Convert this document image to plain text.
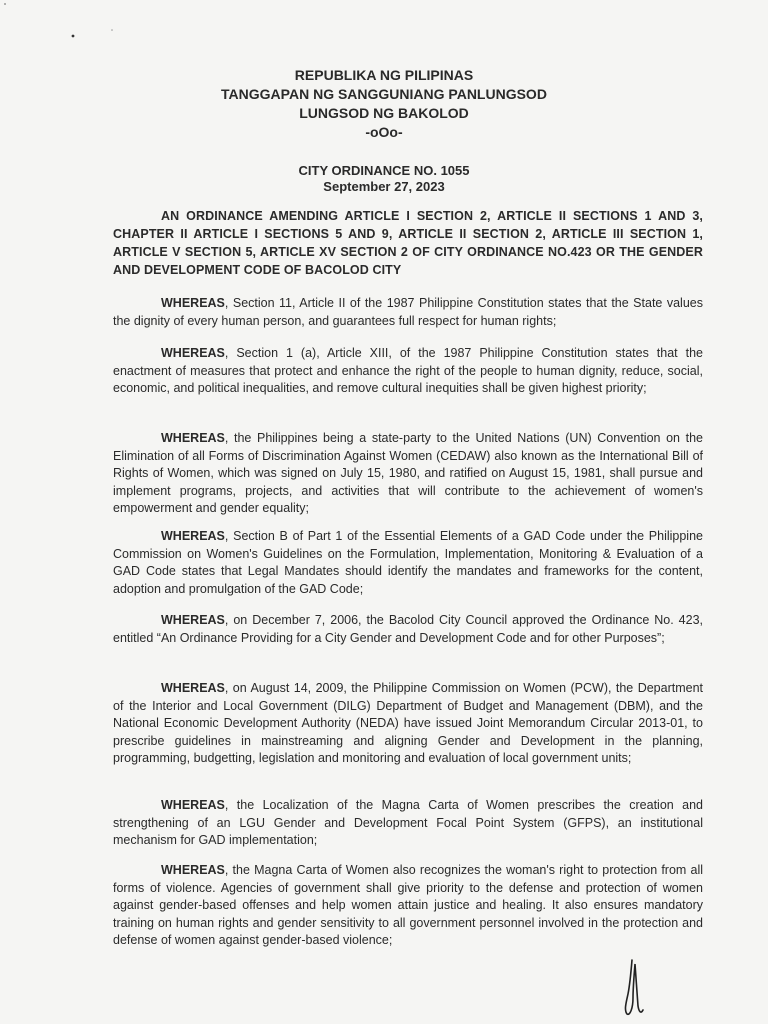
REPUBLIKA NG PILIPINAS
TANGGAPAN NG SANGGUNIANG PANLUNGSOD
LUNGSOD NG BAKOLOD
-oOo-
CITY ORDINANCE NO. 1055
September 27, 2023

AN ORDINANCE AMENDING ARTICLE I SECTION 2, ARTICLE II SECTIONS 1 AND 3, CHAPTER II ARTICLE I SECTIONS 5 AND 9, ARTICLE II SECTION 2, ARTICLE III SECTION 1, ARTICLE V SECTION 5, ARTICLE XV SECTION 2 OF CITY ORDINANCE NO.423 OR THE GENDER AND DEVELOPMENT CODE OF BACOLOD CITY

WHEREAS, Section 11, Article II of the 1987 Philippine Constitution states that the State values the dignity of every human person, and guarantees full respect for human rights;

WHEREAS, Section 1 (a), Article XIII, of the 1987 Philippine Constitution states that the enactment of measures that protect and enhance the right of the people to human dignity, reduce, social, economic, and political inequalities, and remove cultural inequities shall be given highest priority;

WHEREAS, the Philippines being a state-party to the United Nations (UN) Convention on the Elimination of all Forms of Discrimination Against Women (CEDAW) also known as the International Bill of Rights of Women, which was signed on July 15, 1980, and ratified on August 15, 1981, shall pursue and implement programs, projects, and activities that will contribute to the achievement of women's empowerment and gender equality;

WHEREAS, Section B of Part 1 of the Essential Elements of a GAD Code under the Philippine Commission on Women's Guidelines on the Formulation, Implementation, Monitoring & Evaluation of a GAD Code states that Legal Mandates should identify the mandates and frameworks for the content, adoption and promulgation of the GAD Code;

WHEREAS, on December 7, 2006, the Bacolod City Council approved the Ordinance No. 423, entitled “An Ordinance Providing for a City Gender and Development Code and for other Purposes”;

WHEREAS, on August 14, 2009, the Philippine Commission on Women (PCW), the Department of the Interior and Local Government (DILG) Department of Budget and Management (DBM), and the National Economic Development Authority (NEDA) have issued Joint Memorandum Circular 2013-01, to prescribe guidelines in mainstreaming and aligning Gender and Development in the planning, programming, budgetting, legislation and monitoring and evaluation of local government units;

WHEREAS, the Localization of the Magna Carta of Women prescribes the creation and strengthening of an LGU Gender and Development Focal Point System (GFPS), an institutional mechanism for GAD implementation;

WHEREAS, the Magna Carta of Women also recognizes the woman's right to protection from all forms of violence. Agencies of government shall give priority to the defense and protection of women against gender-based offenses and help women attain justice and healing. It also ensures mandatory training on human rights and gender sensitivity to all government personnel involved in the protection and defense of women against gender-based violence;
